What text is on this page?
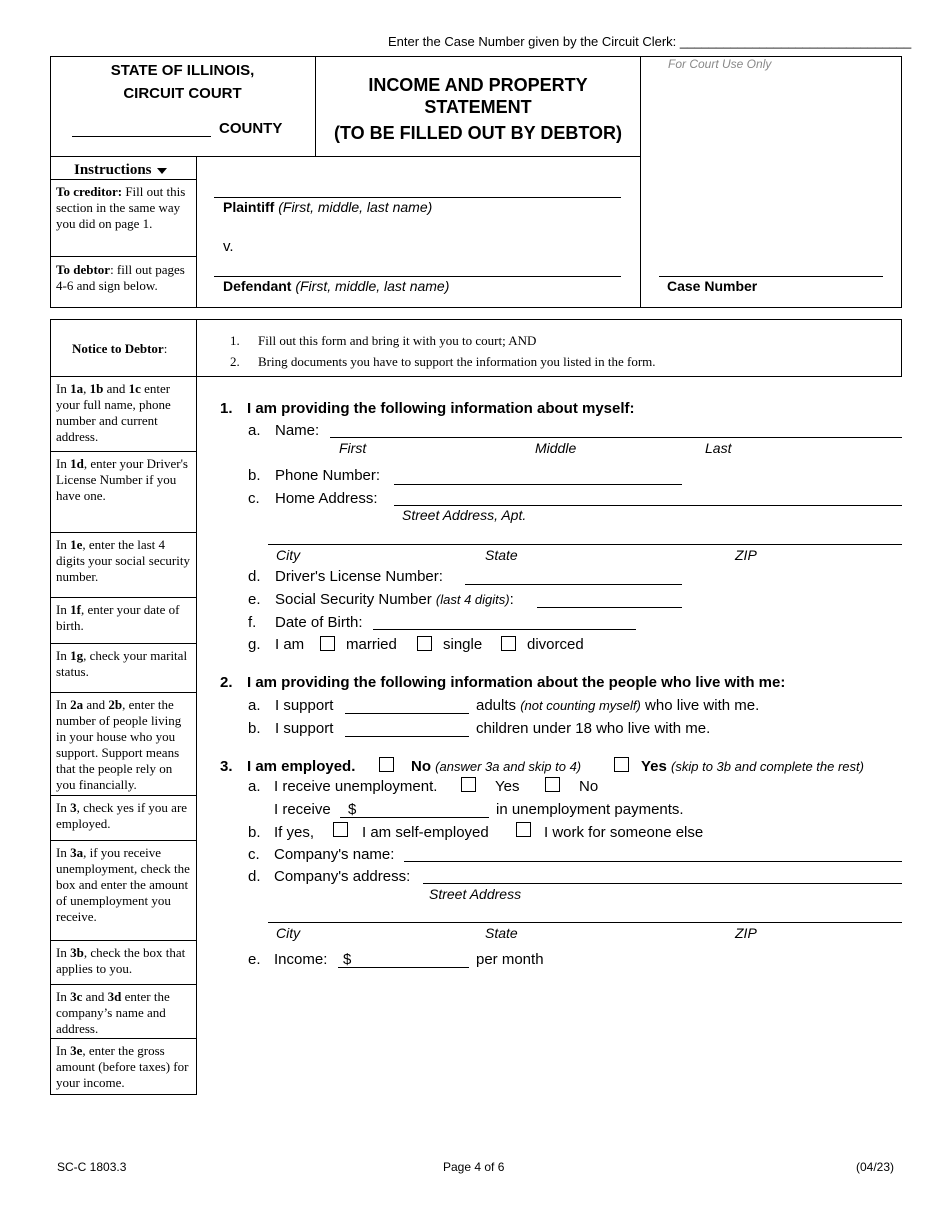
Enter the Case Number given by the Circuit Clerk: ________________________________
STATE OF ILLINOIS,
CIRCUIT COURT
COUNTY
INCOME AND PROPERTY
STATEMENT
(TO BE FILLED OUT BY DEBTOR)
For Court Use Only
Case Number
Instructions
To creditor: Fill out this section in the same way you did on page 1.
To debtor: fill out pages 4-6 and sign below.
Plaintiff (First, middle, last name)
v.
Defendant (First, middle, last name)
Notice to Debtor:
1. Fill out this form and bring it with you to court; AND
2. Bring documents you have to support the information you listed in the form.
In 1a, 1b and 1c enter your full name, phone number and current address.
In 1d, enter your Driver's License Number if you have one.
In 1e, enter the last 4 digits your social security number.
In 1f, enter your date of birth.
In 1g, check your marital status.
In 2a and 2b, enter the number of people living in your house who you support. Support means that the people rely on you financially.
In 3, check yes if you are employed.
In 3a, if you receive unemployment, check the box and enter the amount of unemployment you receive.
In 3b, check the box that applies to you.
In 3c and 3d enter the company’s name and address.
In 3e, enter the gross amount (before taxes) for your income.
1. I am providing the following information about myself:
a. Name:
First	Middle	Last
b. Phone Number:
c. Home Address:
Street Address, Apt.
City	State	ZIP
d. Driver's License Number:
e. Social Security Number (last 4 digits):
f. Date of Birth:
g. I am	married	single	divorced
2. I am providing the following information about the people who live with me:
a. I support	adults (not counting myself) who live with me.
b. I support	children under 18 who live with me.
3. I am employed.	No (answer 3a and skip to 4)	Yes (skip to 3b and complete the rest)
a. I receive unemployment.	Yes	No
I receive $	in unemployment payments.
b. If yes,	I am self-employed	I work for someone else
c. Company's name:
d. Company's address:
Street Address
City	State	ZIP
e. Income: $	per month
SC-C 1803.3	Page 4 of 6	(04/23)
